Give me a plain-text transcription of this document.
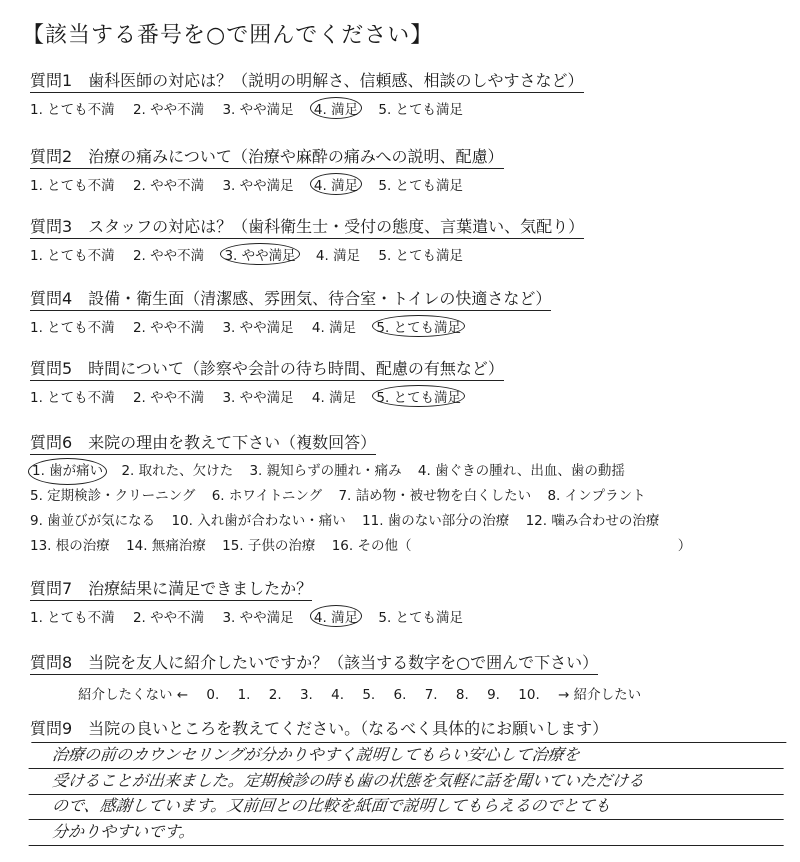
【該当する番号を○で囲んでください】
質問1　歯科医師の対応は？（説明の明解さ、信頼感、相談のしやすさなど）
1. とても不満 2. やや不満 3. やや満足 4. 満足 5. とても満足
質問2　治療の痛みについて（治療や麻酔の痛みへの説明、配慮）
1. とても不満 2. やや不満 3. やや満足 4. 満足 5. とても満足
質問3　スタッフの対応は？（歯科衛生士・受付の態度、言葉遣い、気配り）
1. とても不満 2. やや不満 3. やや満足 4. 満足 5. とても満足
質問4　設備・衛生面（清潔感、雰囲気、待合室・トイレの快適さなど）
1. とても不満 2. やや不満 3. やや満足 4. 満足 5. とても満足
質問5　時間について（診察や会計の待ち時間、配慮の有無など）
1. とても不満 2. やや不満 3. やや満足 4. 満足 5. とても満足
質問6　来院の理由を教えて下さい（複数回答）
1. 歯が痛い 2. 取れた、欠けた 3. 親知らずの腫れ・痛み 4. 歯ぐきの腫れ、出血、歯の動揺
5. 定期検診・クリーニング 6. ホワイトニング 7. 詰め物・被せ物を白くしたい 8. インプラント
9. 歯並びが気になる 10. 入れ歯が合わない・痛い 11. 歯のない部分の治療 12. 噛み合わせの治療
13. 根の治療 14. 無痛治療 15. 子供の治療 16. その他（	）
質問7　治療結果に満足できましたか？
1. とても不満 2. やや不満 3. やや満足 4. 満足 5. とても満足
質問8　当院を友人に紹介したいですか？（該当する数字を○で囲んで下さい）
紹介したくない ← 0. 1. 2. 3. 4. 5. 6. 7. 8. 9. 10. → 紹介したい
質問9　当院の良いところを教えてください。（なるべく具体的にお願いします）
治療の前のカウンセリングが分かりやすく説明してもらい安心して治療を
受けることが出来ました。定期検診の時も歯の状態を気軽に話を聞いていただける
ので、感謝しています。又前回との比較を紙面で説明してもらえるのでとても
分かりやすいです。
